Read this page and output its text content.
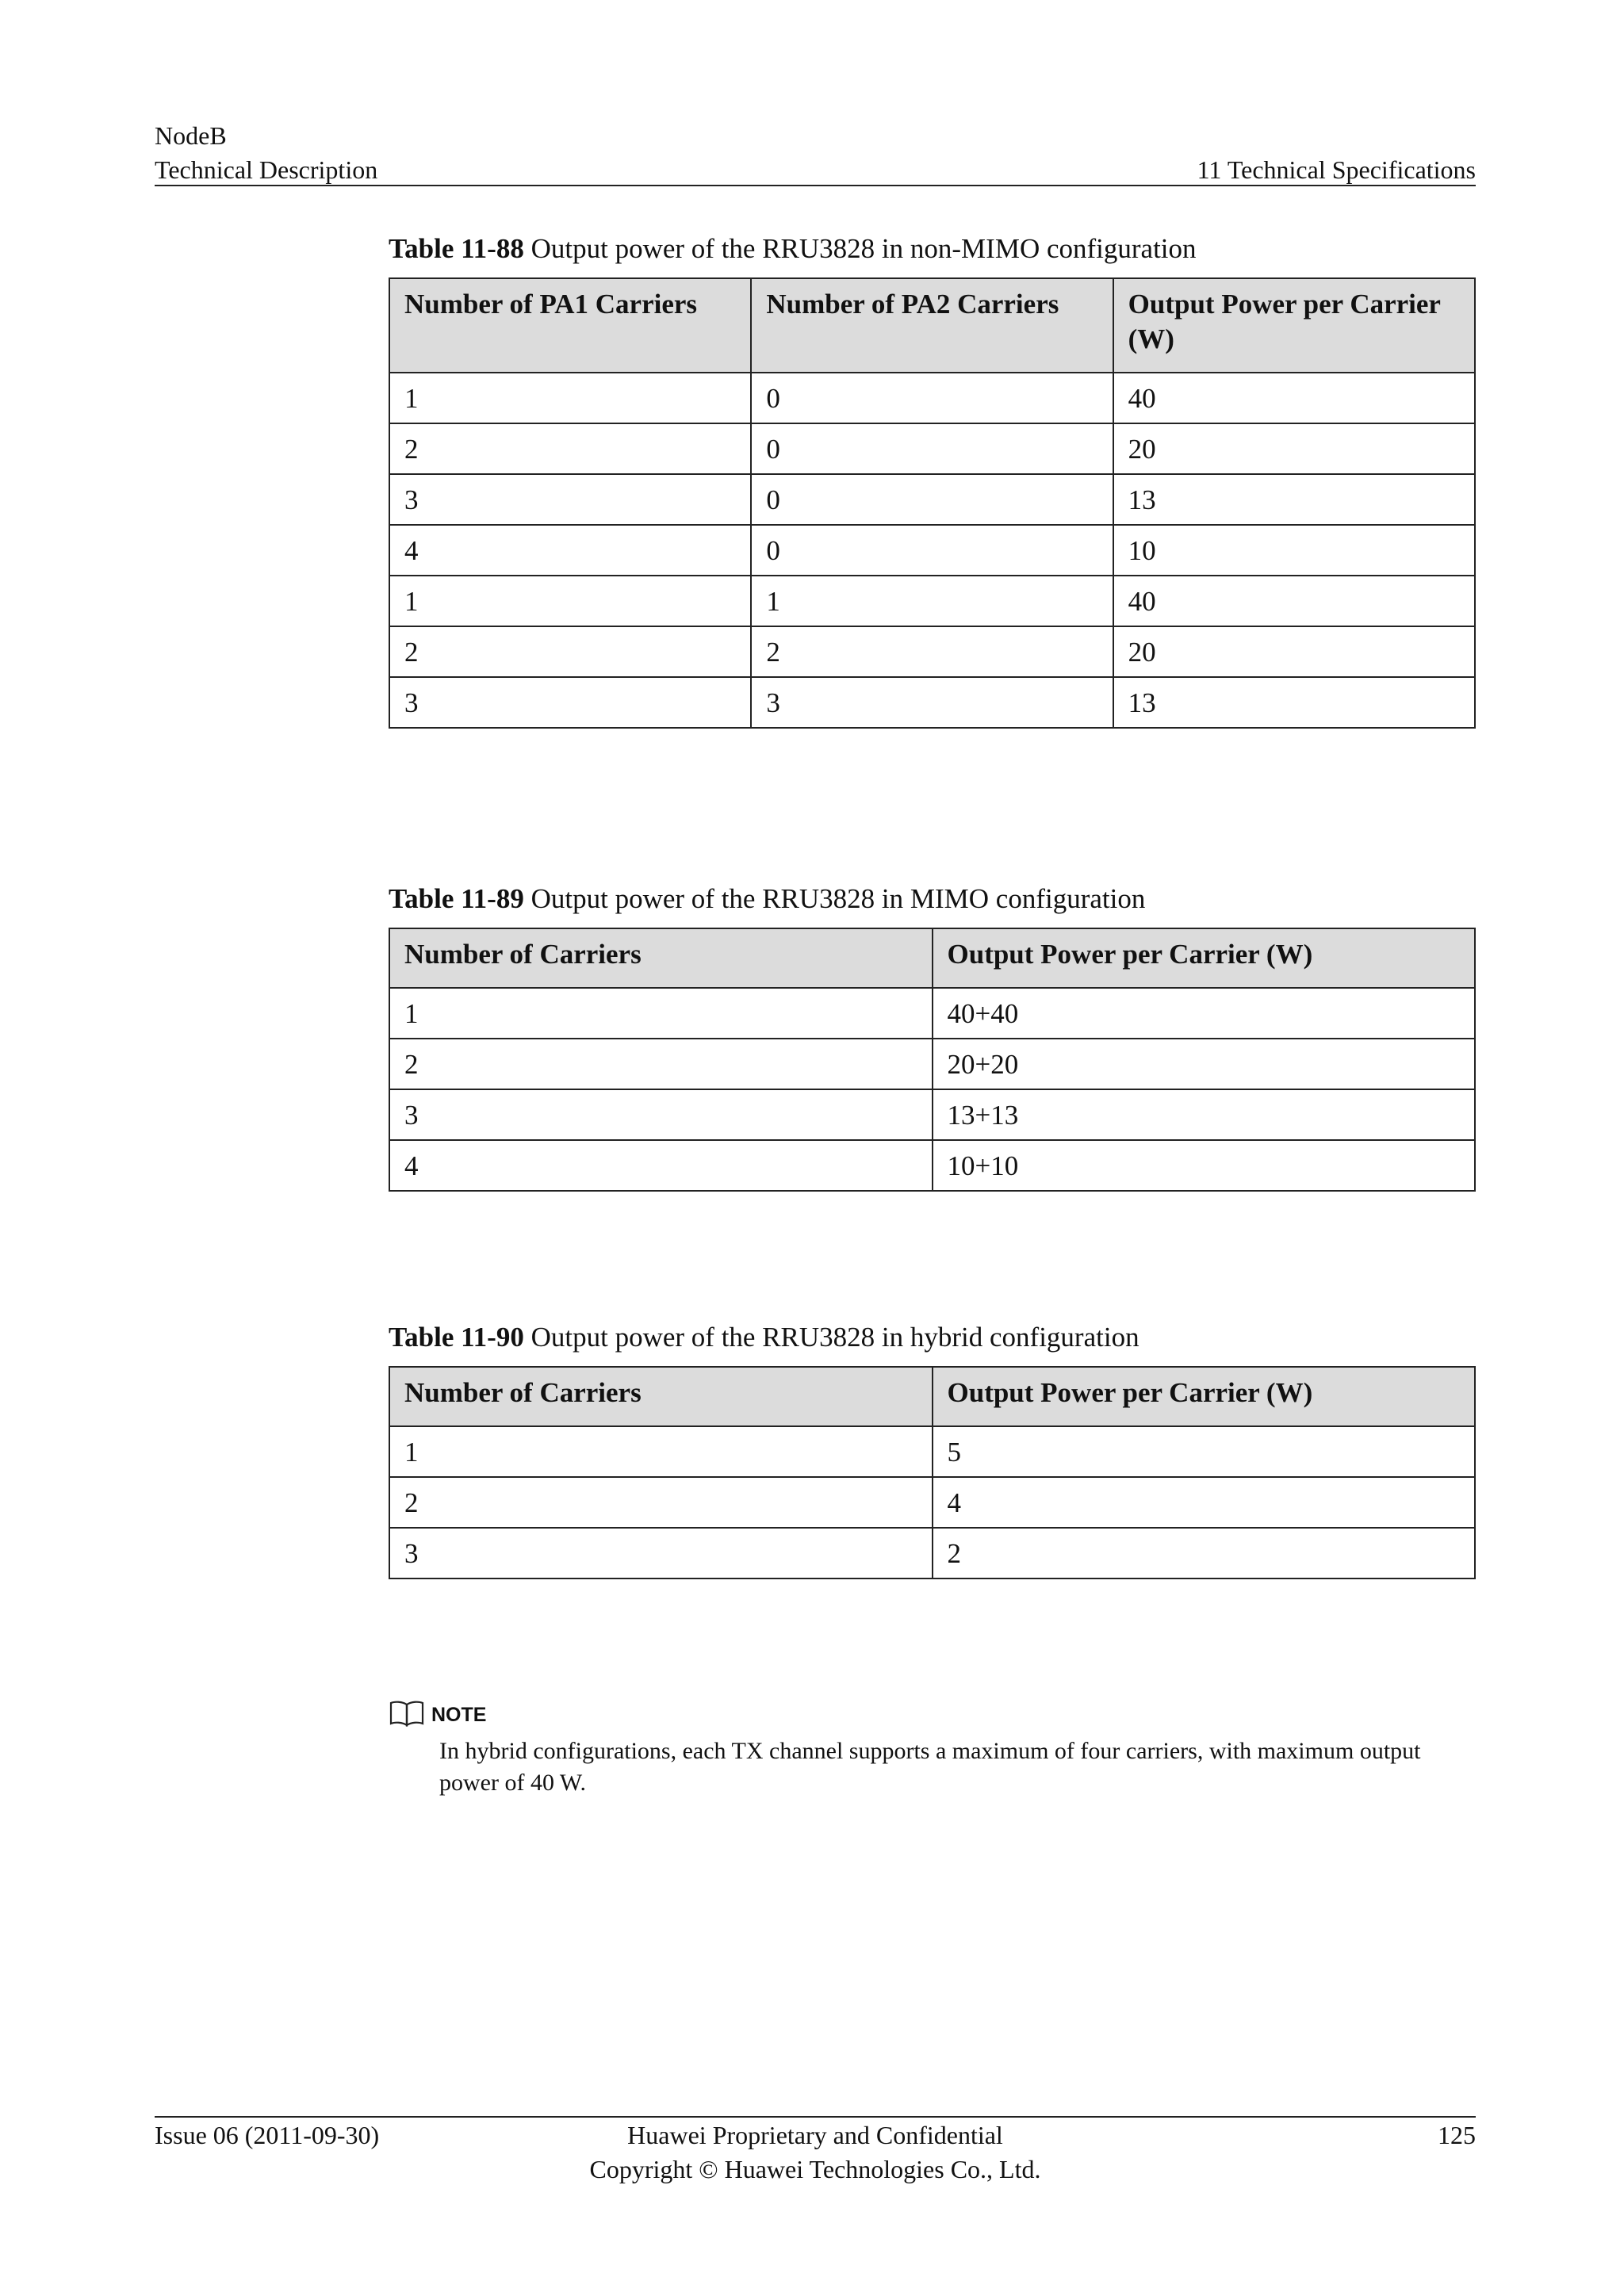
NodeB
Technical Description	11 Technical Specifications
Table 11-88 Output power of the RRU3828 in non-MIMO configuration
Number of PA1 Carriers	Number of PA2 Carriers	Output Power per Carrier (W)
1	0	40
2	0	20
3	0	13
4	0	10
1	1	40
2	2	20
3	3	13
Table 11-89 Output power of the RRU3828 in MIMO configuration
Number of Carriers	Output Power per Carrier (W)
1	40+40
2	20+20
3	13+13
4	10+10
Table 11-90 Output power of the RRU3828 in hybrid configuration
Number of Carriers	Output Power per Carrier (W)
1	5
2	4
3	2
NOTE
In hybrid configurations, each TX channel supports a maximum of four carriers, with maximum output power of 40 W.
Issue 06 (2011-09-30)	Huawei Proprietary and Confidential
Copyright © Huawei Technologies Co., Ltd.
125
